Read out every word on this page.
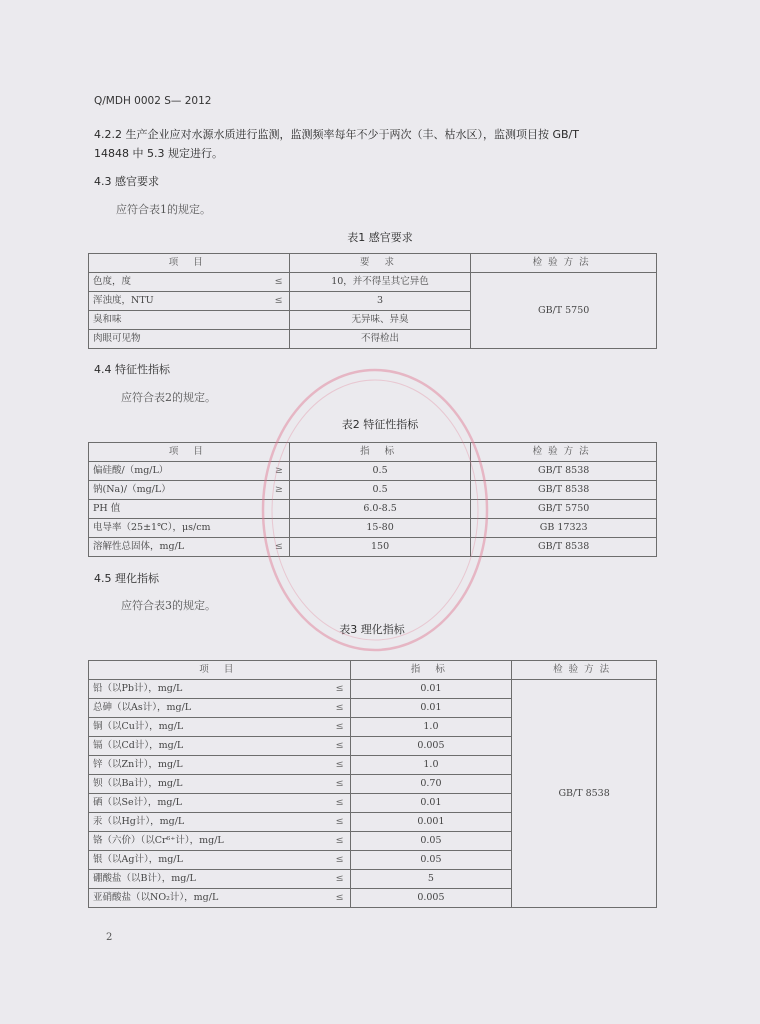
Q/MDH 0002 S— 2012
4.2.2 生产企业应对水源水质进行监测，监测频率每年不少于两次（丰、枯水区），监测项目按 GB/T
14848 中 5.3 规定进行。
4.3 感官要求
应符合表1的规定。
表1 感官要求
项 目		要 求	检验方法
色度，度	≤	10，并不得呈其它异色	GB/T 5750
浑浊度，NTU	≤	3	
臭和味		无异味、异臭	
肉眼可见物		不得检出	
4.4 特征性指标
应符合表2的规定。
表2 特征性指标
项 目		指 标	检验方法
偏硅酸/（mg/L）	≥	0.5	GB/T 8538
钠(Na)/（mg/L）	≥	0.5	GB/T 8538
PH 值		6.0-8.5	GB/T 5750
电导率（25±1℃），μs/cm		15-80	GB 17323
溶解性总固体，mg/L	≤	150	GB/T 8538
4.5 理化指标
应符合表3的规定。
表3 理化指标
项 目		指 标	检验方法
铅（以Pb计），mg/L	≤	0.01	GB/T 8538
总砷（以As计），mg/L	≤	0.01	
铜（以Cu计），mg/L	≤	1.0	
镉（以Cd计），mg/L	≤	0.005	
锌（以Zn计），mg/L	≤	1.0	
钡（以Ba计），mg/L	≤	0.70	
硒（以Se计），mg/L	≤	0.01	
汞（以Hg计），mg/L	≤	0.001	
铬（六价）（以Cr⁶⁺计），mg/L	≤	0.05	
银（以Ag计），mg/L	≤	0.05	
硼酸盐（以B计），mg/L	≤	5	
亚硝酸盐（以NO₂计），mg/L	≤	0.005	
2
